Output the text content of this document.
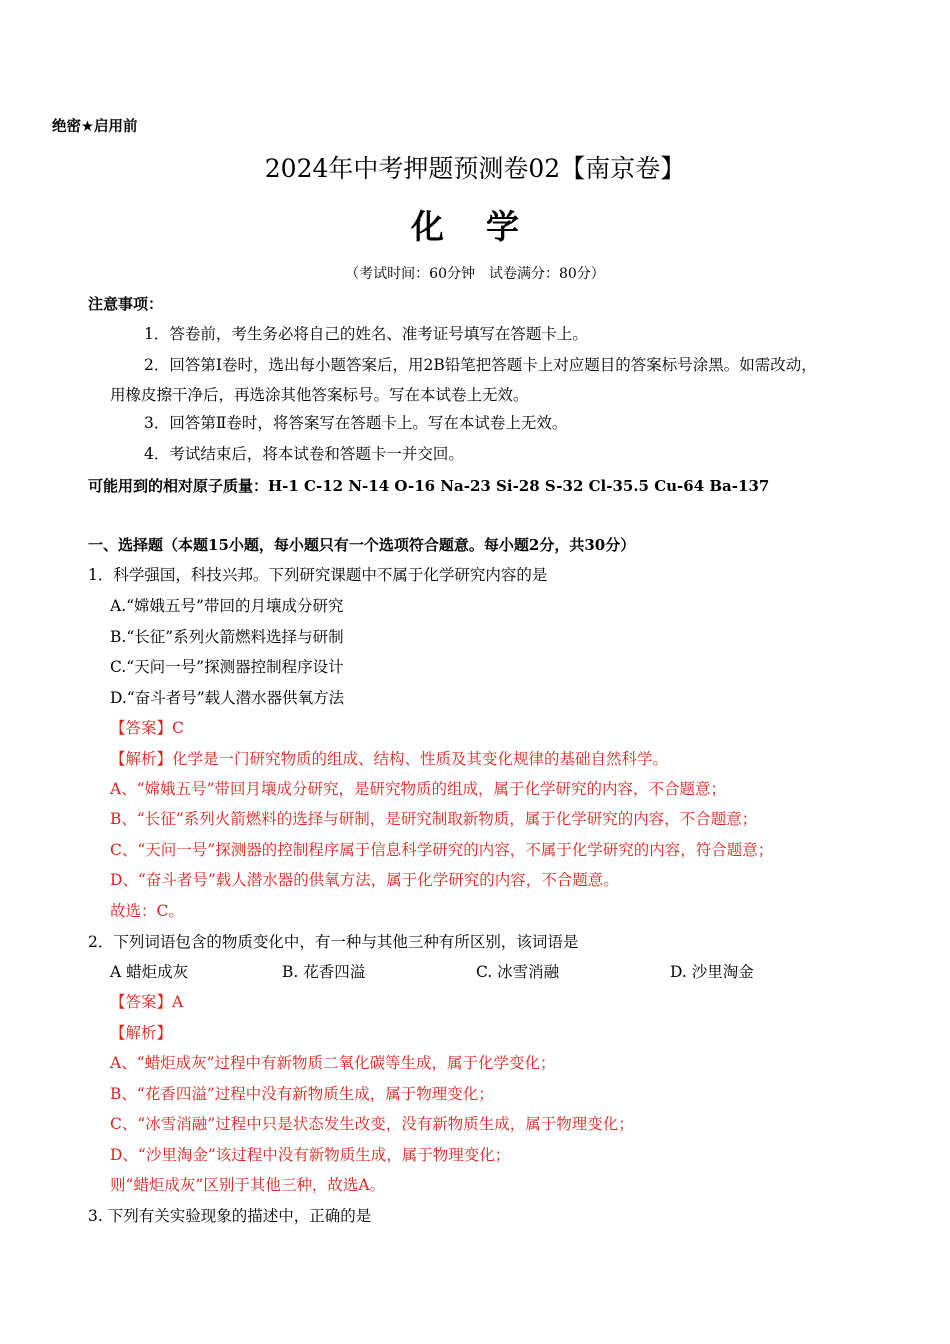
绝密★启用前
2024年中考押题预测卷02【南京卷】
化学
（考试时间：60分钟　试卷满分：80分）
注意事项：
1．答卷前，考生务必将自己的姓名、准考证号填写在答题卡上。
2．回答第Ⅰ卷时，选出每小题答案后，用2B铅笔把答题卡上对应题目的答案标号涂黑。如需改动，
用橡皮擦干净后，再选涂其他答案标号。写在本试卷上无效。
3．回答第Ⅱ卷时，将答案写在答题卡上。写在本试卷上无效。
4．考试结束后，将本试卷和答题卡一并交回。
可能用到的相对原子质量：H-1 C-12 N-14 O-16 Na-23 Si-28 S-32 Cl-35.5 Cu-64 Ba-137
一、选择题（本题15小题，每小题只有一个选项符合题意。每小题2分，共30分）
1．科学强国，科技兴邦。下列研究课题中不属于化学研究内容的是
A.“嫦娥五号”带回的月壤成分研究
B.“长征”系列火箭燃料选择与研制
C.“天问一号”探测器控制程序设计
D.“奋斗者号”载人潜水器供氧方法
【答案】C
【解析】化学是一门研究物质的组成、结构、性质及其变化规律的基础自然科学。
A、“嫦娥五号”带回月壤成分研究，是研究物质的组成，属于化学研究的内容，不合题意；
B、“长征”系列火箭燃料的选择与研制，是研究制取新物质，属于化学研究的内容，不合题意；
C、“天问一号”探测器的控制程序属于信息科学研究的内容，不属于化学研究的内容，符合题意；
D、“奋斗者号”载人潜水器的供氧方法，属于化学研究的内容，不合题意。
故选：C。
2．下列词语包含的物质变化中，有一种与其他三种有所区别，该词语是
A 蜡炬成灰	B. 花香四溢	C. 冰雪消融	D. 沙里淘金
【答案】A
【解析】
A、“蜡炬成灰”过程中有新物质二氧化碳等生成，属于化学变化；
B、“花香四溢”过程中没有新物质生成，属于物理变化；
C、“冰雪消融”过程中只是状态发生改变，没有新物质生成，属于物理变化；
D、“沙里淘金”该过程中没有新物质生成，属于物理变化；
则“蜡炬成灰”区别于其他三种，故选A。
3. 下列有关实验现象的描述中，正确的是
